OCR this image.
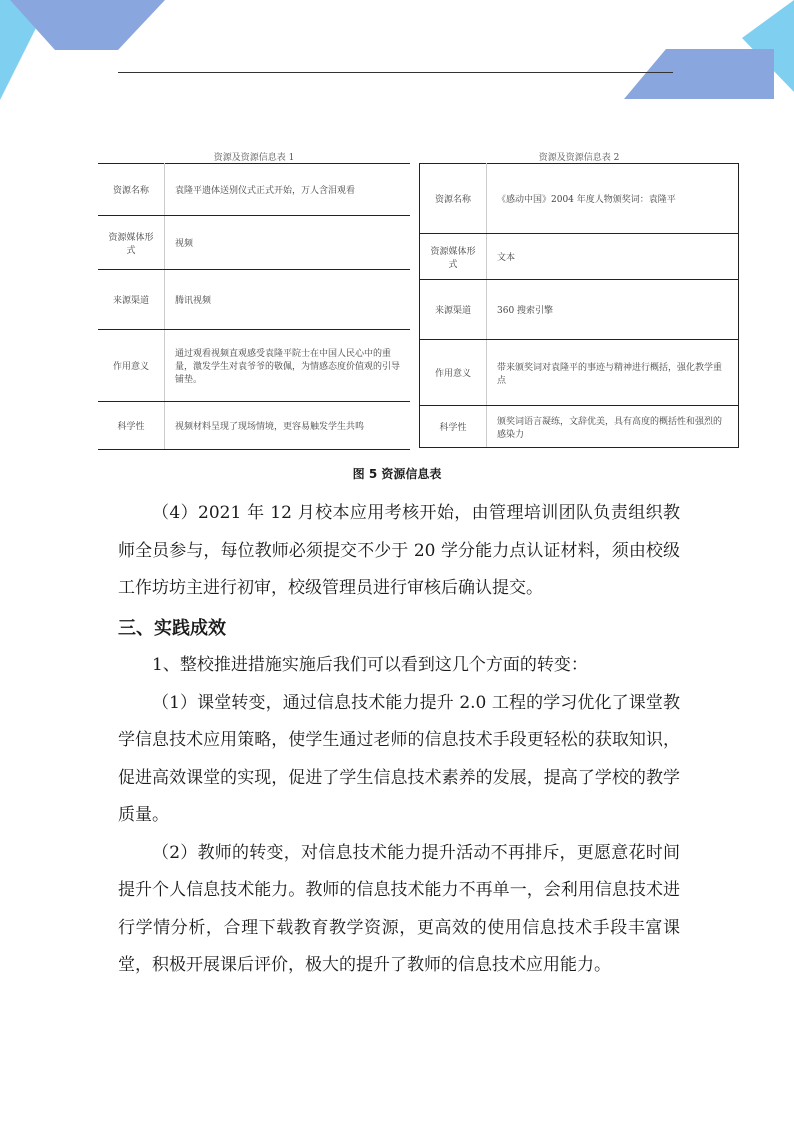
资源及资源信息表 1
资源名称	袁隆平遗体送别仪式正式开始，万人含泪观看
资源媒体形式	视频
来源渠道	腾讯视频
作用意义	通过观看视频直观感受袁隆平院士在中国人民心中的重量，激发学生对袁爷爷的敬佩，为情感态度价值观的引导铺垫。
科学性	视频材料呈现了现场情境，更容易触发学生共鸣
资源及资源信息表 2
资源名称	《感动中国》2004 年度人物颁奖词：袁隆平
资源媒体形式	文本
来源渠道	360 搜索引擎
作用意义	带来颁奖词对袁隆平的事迹与精神进行概括，强化教学重点
科学性	颁奖词语言凝练，文辞优美，具有高度的概括性和强烈的感染力
图 5 资源信息表

（4）2021 年 12 月校本应用考核开始，由管理培训团队负责组织教师全员参与，每位教师必须提交不少于 20 学分能力点认证材料，须由校级工作坊坊主进行初审，校级管理员进行审核后确认提交。

三、实践成效

1、整校推进措施实施后我们可以看到这几个方面的转变：

（1）课堂转变，通过信息技术能力提升 2.0 工程的学习优化了课堂教学信息技术应用策略，使学生通过老师的信息技术手段更轻松的获取知识，促进高效课堂的实现，促进了学生信息技术素养的发展，提高了学校的教学质量。

（2）教师的转变，对信息技术能力提升活动不再排斥，更愿意花时间提升个人信息技术能力。教师的信息技术能力不再单一，会利用信息技术进行学情分析，合理下载教育教学资源，更高效的使用信息技术手段丰富课堂，积极开展课后评价，极大的提升了教师的信息技术应用能力。
